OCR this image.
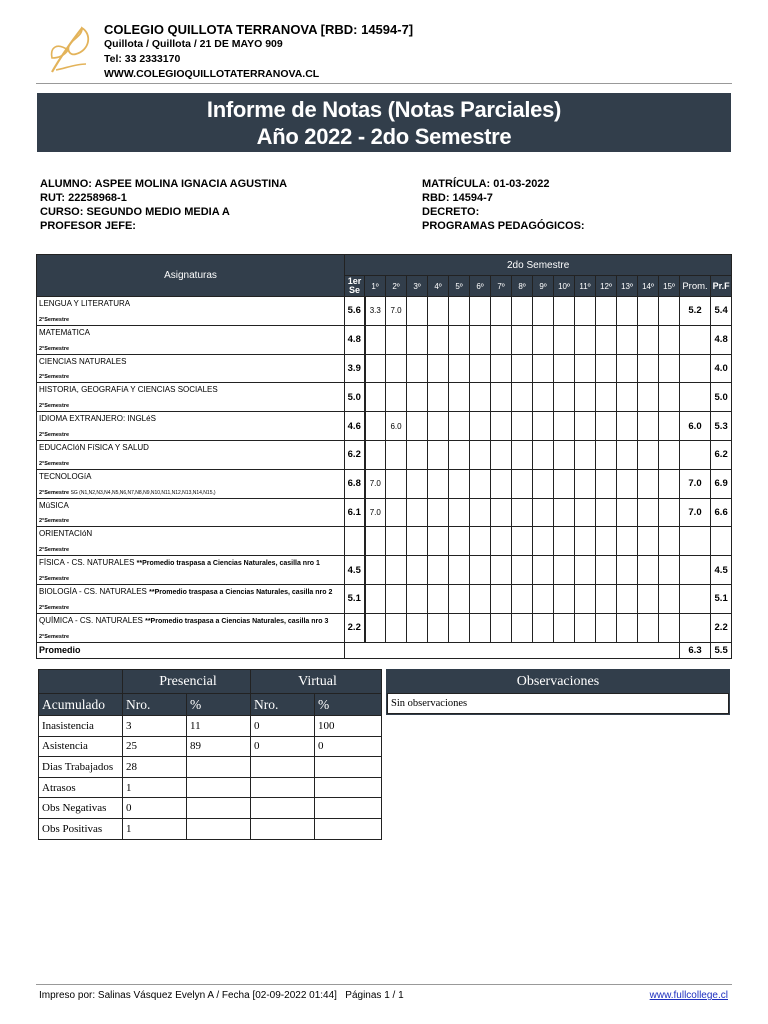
COLEGIO QUILLOTA TERRANOVA [RBD: 14594-7]
Quillota / Quillota / 21 DE MAYO 909
Tel: 33 2333170
WWW.COLEGIOQUILLOTATERRANOVA.CL
Informe de Notas (Notas Parciales)
Año 2022 - 2do Semestre
ALUMNO: ASPEE MOLINA IGNACIA AGUSTINA
RUT: 22258968-1
CURSO: SEGUNDO MEDIO MEDIA A
PROFESOR JEFE:
MATRÍCULA: 01-03-2022
RBD: 14594-7
DECRETO:
PROGRAMAS PEDAGÓGICOS:
Asignaturas	2do Semestre																	
	1er Se	1º	2º	3º	4º	5º	6º	7º	8º	9º	10º	11º	12º	13º	14º	15º	Prom.	Pr.F

LENGUA Y LITERATURA
2°Semestre	5.6	3.3	7.0														5.2	5.4

MATEMáTICA
2°Semestre	4.8																	4.8

CIENCIAS NATURALES
2°Semestre	3.9																	4.0

HISTORIA, GEOGRAFíA Y CIENCIAS SOCIALES
2°Semestre	5.0																	5.0

IDIOMA EXTRANJERO: INGLéS
2°Semestre	4.6		6.0														6.0	5.3

EDUCACIóN FíSICA Y SALUD
2°Semestre	6.2																	6.2

TECNOLOGíA
2°Semestre SG (N1,N2,N3,N4,N5,N6,N7,N8,N9,N10,N11,N12,N13,N14,N15,)	6.8	7.0															7.0	6.9

MúSICA
2°Semestre	6.1	7.0															7.0	6.6

ORIENTACIóN
2°Semestre																		

FÍSICA - CS. NATURALES **Promedio traspasa a Ciencias Naturales, casilla nro 1
2°Semestre	4.5																	4.5

BIOLOGÍA - CS. NATURALES **Promedio traspasa a Ciencias Naturales, casilla nro 2
2°Semestre	5.1																	5.1

QUÍMICA - CS. NATURALES **Promedio traspasa a Ciencias Naturales, casilla nro 3
2°Semestre	2.2																	2.2
Promedio																	6.3	5.5
	Presencial		Virtual	
Acumulado	Nro.	%	Nro.	%
Inasistencia	3	11	0	100
Asistencia	25	89	0	0
Dias Trabajados	28			
Atrasos	1			
Obs Negativas	0			
Obs Positivas	1			
Observaciones
Sin observaciones
Impreso por: Salinas Vásquez Evelyn A / Fecha [02-09-2022 01:44]   Páginas 1 / 1	www.fullcollege.cl
